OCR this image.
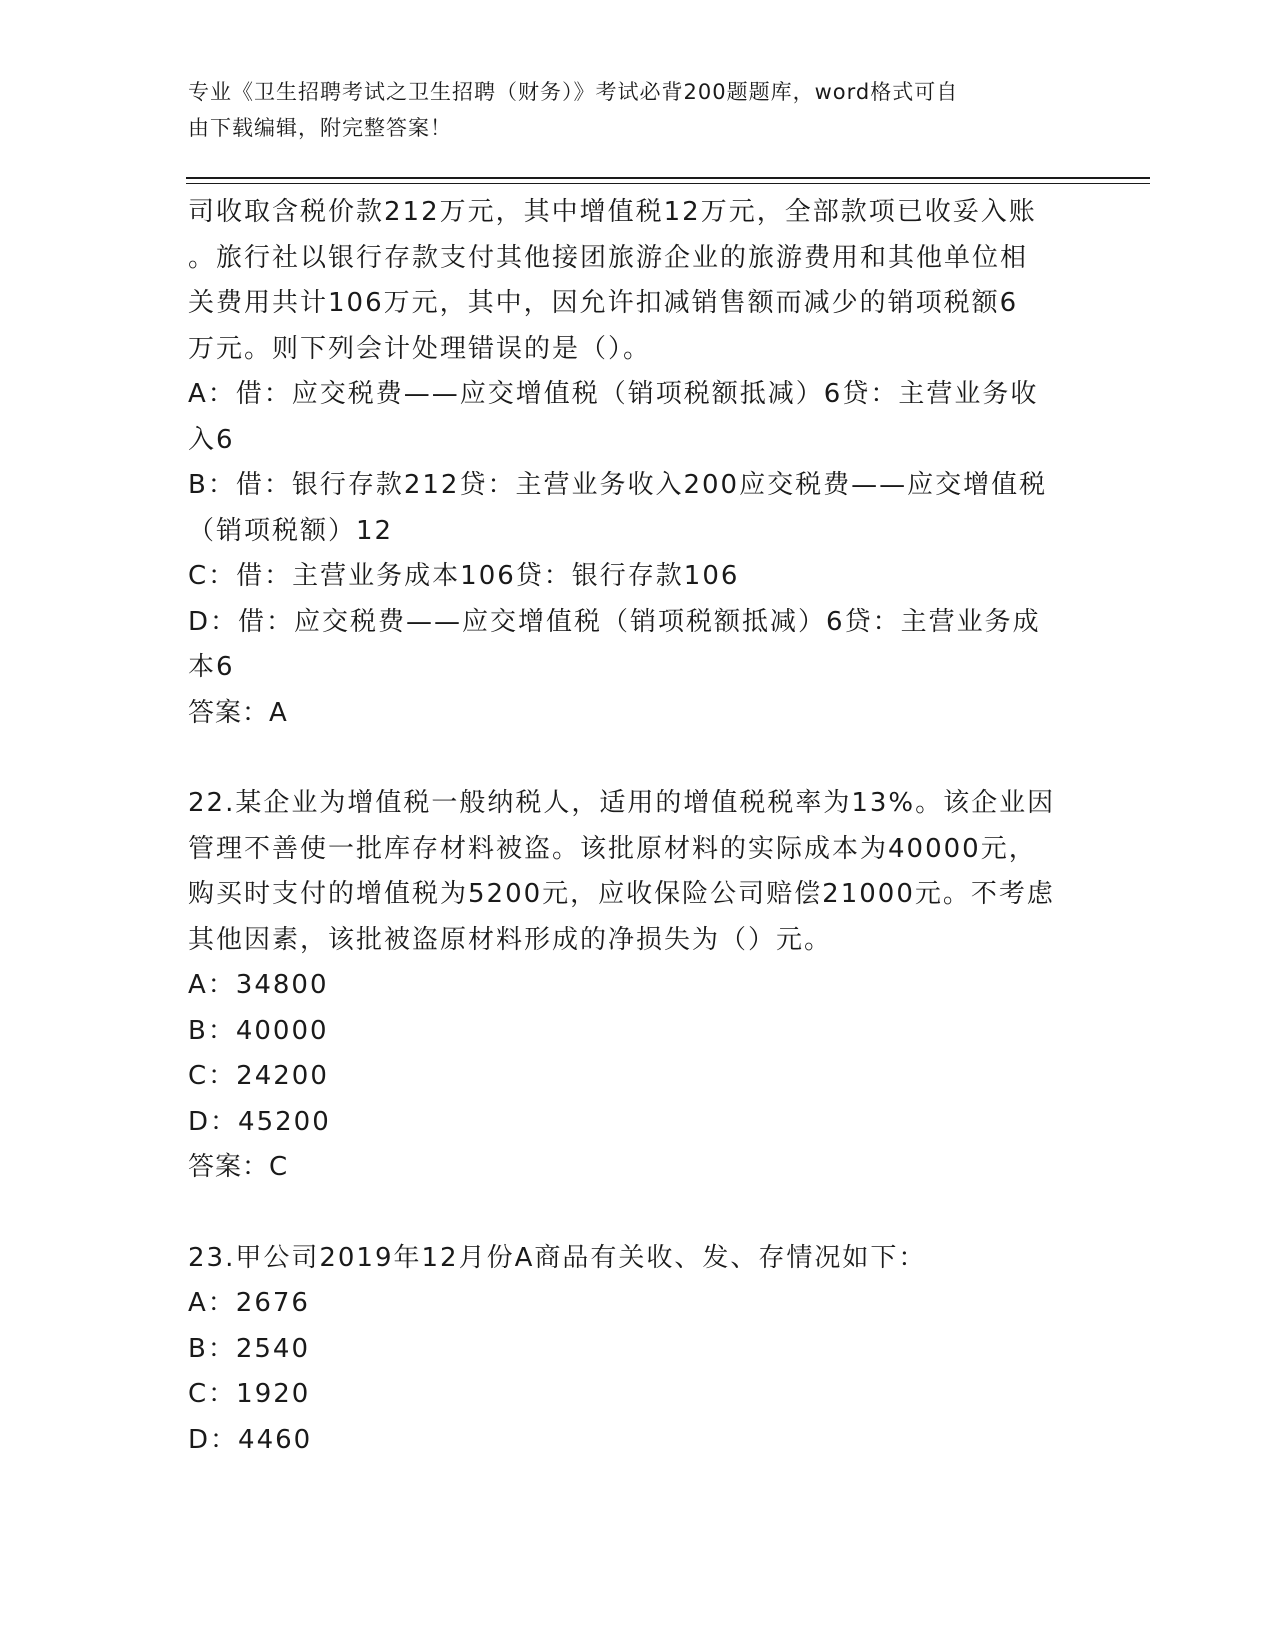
专业《卫生招聘考试之卫生招聘（财务）》考试必背200题题库，word格式可自
由下载编辑，附完整答案！

司收取含税价款212万元，其中增值税12万元，全部款项已收妥入账

。旅行社以银行存款支付其他接团旅游企业的旅游费用和其他单位相

关费用共计106万元，其中，因允许扣减销售额而减少的销项税额6

万元。则下列会计处理错误的是（）。

A：借：应交税费——应交增值税（销项税额抵减）6贷：主营业务收

入6

B：借：银行存款212贷：主营业务收入200应交税费——应交增值税

（销项税额）12

C：借：主营业务成本106贷：银行存款106

D：借：应交税费——应交增值税（销项税额抵减）6贷：主营业务成

本6

答案：A

22.某企业为增值税一般纳税人，适用的增值税税率为13%。该企业因

管理不善使一批库存材料被盗。该批原材料的实际成本为40000元，

购买时支付的增值税为5200元，应收保险公司赔偿21000元。不考虑

其他因素，该批被盗原材料形成的净损失为（）元。

A：34800

B：40000

C：24200

D：45200

答案：C

23.甲公司2019年12月份A商品有关收、发、存情况如下：

A：2676

B：2540

C：1920

D：4460
